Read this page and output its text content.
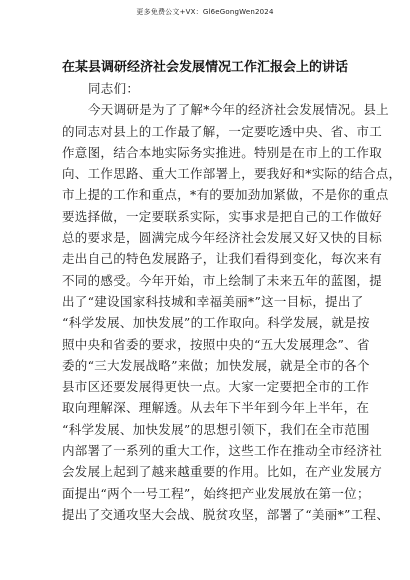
更多免费公文+VX：Gl6eGongWen2024
在某县调研经济社会发展情况工作汇报会上的讲话
同志们：
今天调研是为了了解*今年的经济社会发展情况。县上
的同志对县上的工作最了解，一定要吃透中央、省、市工
作意图，结合本地实际务实推进。特别是在市上的工作取
向、工作思路、重大工作部署上，要我好和*实际的结合点，
市上提的工作和重点，*有的要加劲加紧做，不是你的重点
要选择做，一定要联系实际，实事求是把自己的工作做好
总的要求是，圆满完成今年经济社会发展又好又快的目标
走出自己的特色发展路子，让我们看得到变化，每次来有
不同的感受。今年开始，市上绘制了未来五年的蓝图，提
出了“建设国家科技城和幸福美丽*”这一目标，提出了
“科学发展、加快发展”的工作取向。科学发展，就是按
照中央和省委的要求，按照中央的“五大发展理念”、省
委的“三大发展战略”来做；加快发展，就是全市的各个
县市区还要发展得更快一点。大家一定要把全市的工作
取向理解深、理解透。从去年下半年到今年上半年，在
“科学发展、加快发展”的思想引领下，我们在全市范围
内部署了一系列的重大工作，这些工作在推动全市经济社
会发展上起到了越来越重要的作用。比如，在产业发展方
面提出“两个一号工程”，始终把产业发展放在第一位；
提出了交通攻坚大会战、脱贫攻坚，部署了“美丽*”工程、
